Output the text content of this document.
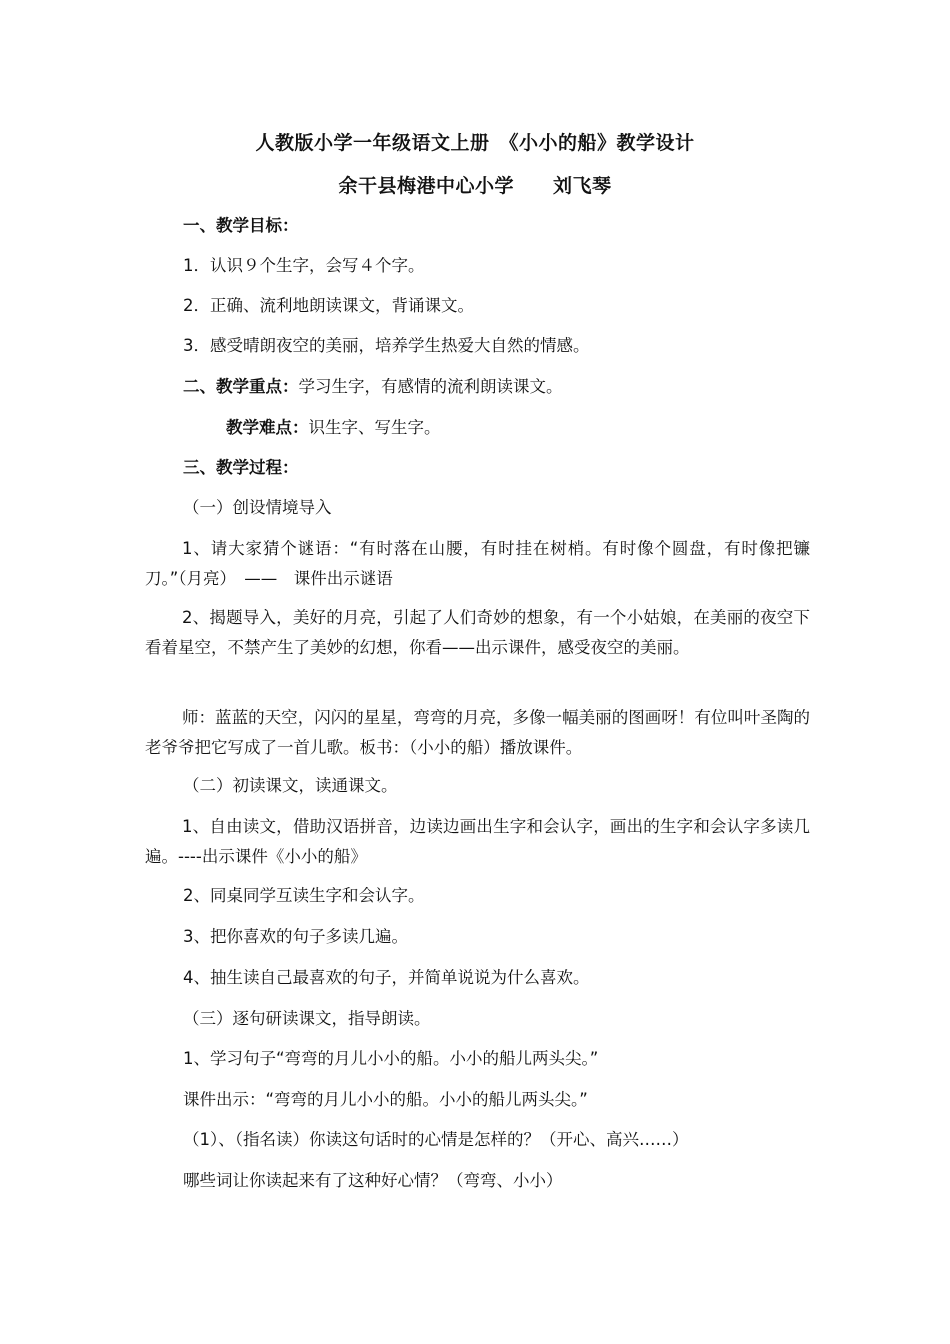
人教版小学一年级语文上册　《小小的船》教学设计
余干县梅港中心小学　　刘飞琴
一、教学目标：
1．认识９个生字，会写４个字。
2．正确、流利地朗读课文，背诵课文。
3．感受晴朗夜空的美丽，培养学生热爱大自然的情感。
二、教学重点：学习生字，有感情的流利朗读课文。
教学难点：识生字、写生字。
三、教学过程：
（一）创设情境导入
1、请大家猜个谜语：“有时落在山腰，有时挂在树梢。有时像个圆盘，有时像把镰刀。”（月亮）　——　课件出示谜语
2、揭题导入，美好的月亮，引起了人们奇妙的想象，有一个小姑娘，在美丽的夜空下看着星空，不禁产生了美妙的幻想，你看——出示课件，感受夜空的美丽。
师：蓝蓝的天空，闪闪的星星，弯弯的月亮，多像一幅美丽的图画呀！有位叫叶圣陶的老爷爷把它写成了一首儿歌。板书：（小小的船）播放课件。
（二）初读课文，读通课文。
1、自由读文，借助汉语拼音，边读边画出生字和会认字，画出的生字和会认字多读几遍。----出示课件《小小的船》
2、同桌同学互读生字和会认字。
3、把你喜欢的句子多读几遍。
4、抽生读自己最喜欢的句子，并简单说说为什么喜欢。
（三）逐句研读课文，指导朗读。
1、学习句子“弯弯的月儿小小的船。小小的船儿两头尖。”
课件出示：“弯弯的月儿小小的船。小小的船儿两头尖。”
（1）、（指名读）你读这句话时的心情是怎样的？（开心、高兴……）
哪些词让你读起来有了这种好心情？（弯弯、小小）
